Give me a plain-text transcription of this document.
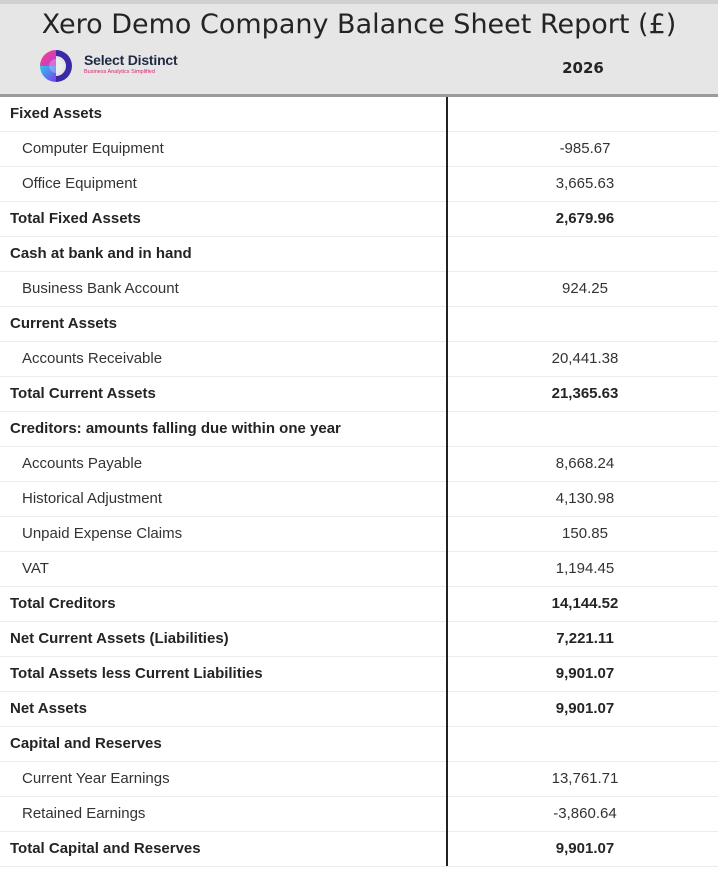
Xero Demo Company Balance Sheet Report (£)
Select Distinct
Business Analytics Simplified	2026
Fixed Assets
Computer Equipment	-985.67
Office Equipment	3,665.63
Total Fixed Assets	2,679.96
Cash at bank and in hand
Business Bank Account	924.25
Current Assets
Accounts Receivable	20,441.38
Total Current Assets	21,365.63
Creditors: amounts falling due within one year
Accounts Payable	8,668.24
Historical Adjustment	4,130.98
Unpaid Expense Claims	150.85
VAT	1,194.45
Total Creditors	14,144.52
Net Current Assets (Liabilities)	7,221.11
Total Assets less Current Liabilities	9,901.07
Net Assets	9,901.07
Capital and Reserves
Current Year Earnings	13,761.71
Retained Earnings	-3,860.64
Total Capital and Reserves	9,901.07
